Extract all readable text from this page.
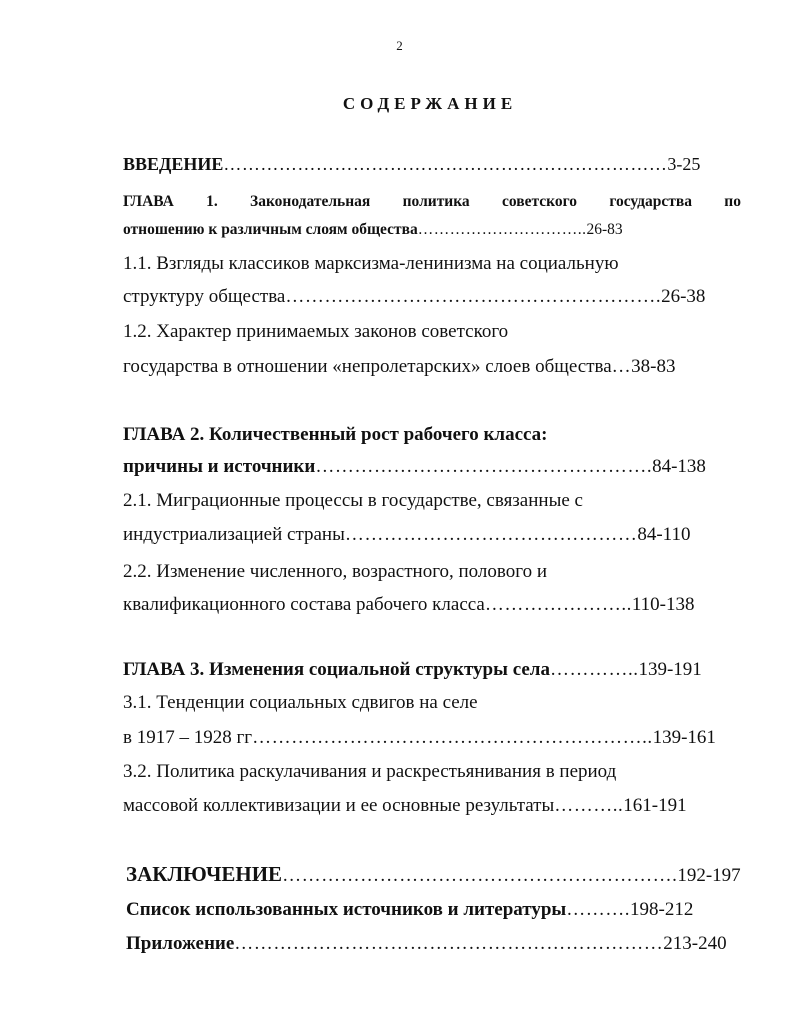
2
СОДЕРЖАНИЕ
ВВЕДЕНИЕ………………………………………………………………3-25
ГЛАВА 1. Законодательная политика советского государства по
отношению к различным слоям общества…………………………..26-83
1.1. Взгляды классиков марксизма-ленинизма на социальную
структуру общества………………………………………………….26-38
1.2. Характер принимаемых законов советского
государства в отношении «непролетарских» слоев общества…38-83
ГЛАВА 2. Количественный рост рабочего класса:
причины и источники…………………………………………….84-138
2.1. Миграционные процессы в государстве, связанные с
индустриализацией страны………………………………………84-110
2.2. Изменение численного, возрастного, полового и
квалификационного состава рабочего класса…………………..110-138
ГЛАВА 3. Изменения социальной структуры села…………..139-191
3.1. Тенденции социальных сдвигов на селе
в 1917 – 1928 гг……………………………………………………..139-161
3.2. Политика раскулачивания и раскрестьянивания в период
массовой коллективизации и ее основные результаты………..161-191
ЗАКЛЮЧЕНИЕ…………………………………………………….192-197
Список использованных источников и литературы……….198-212
Приложение…………………………………………………………213-240
